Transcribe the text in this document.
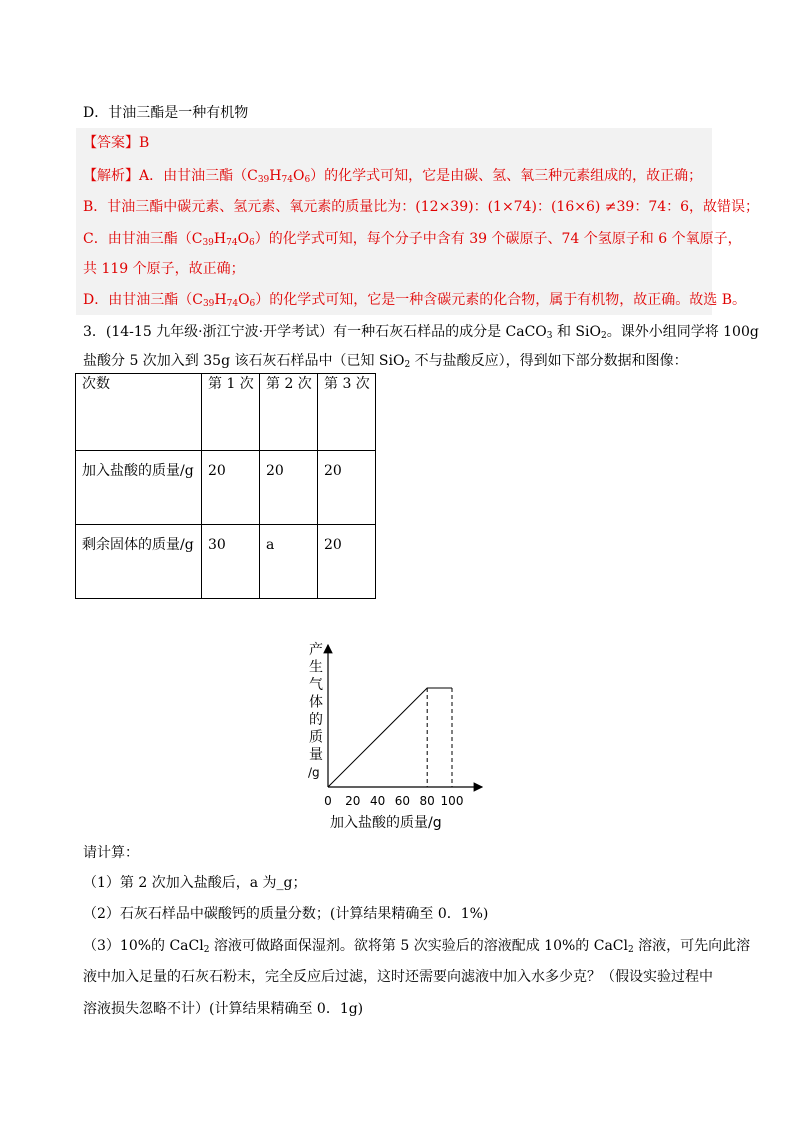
D．甘油三酯是一种有机物
【答案】B
【解析】A．由甘油三酯$(C_{39}H_{74}O_6)$的化学式可知，它是由碳、氢、氧三种元素组成的，故正确；
B．甘油三酯中碳元素、氢元素、氧元素的质量比为：(12×39)：(1×74)：(16×6) ≠39：74：6，故错误；
C．由甘油三酯$(C_{39}H_{74}O_6)$的化学式可知，每个分子中含有 39 个碳原子、74 个氢原子和 6 个氧原子，
共 119 个原子，故正确；
D．由甘油三酯$(C_{39}H_{74}O_6)$的化学式可知，它是一种含碳元素的化合物，属于有机物，故正确。故选 B。
3．(14-15 九年级·浙江宁波·开学考试）有一种石灰石样品的成分是 CaCO$_3$ 和 SiO$_2$。课外小组同学将 100g
盐酸分 5 次加入到 35g 该石灰石样品中（已知 SiO$_2$ 不与盐酸反应），得到如下部分数据和图像：
次数	第 1 次	第 2 次	第 3 次
加入盐酸的质量/g	20	20	20
剩余固体的质量/g	30	a	20
产
生
气
体
的
质
量
/g
0 20 40 60 80 100
加入盐酸的质量/g
请计算：
（1）第 2 次加入盐酸后，a 为_g；
（2）石灰石样品中碳酸钙的质量分数；(计算结果精确至 0．1%)
（3）10%的 CaCl$_2$ 溶液可做路面保湿剂。欲将第 5 次实验后的溶液配成 10%的 CaCl$_2$ 溶液，可先向此溶
液中加入足量的石灰石粉末，完全反应后过滤，这时还需要向滤液中加入水多少克？（假设实验过程中
溶液损失忽略不计）(计算结果精确至 0．1g)
